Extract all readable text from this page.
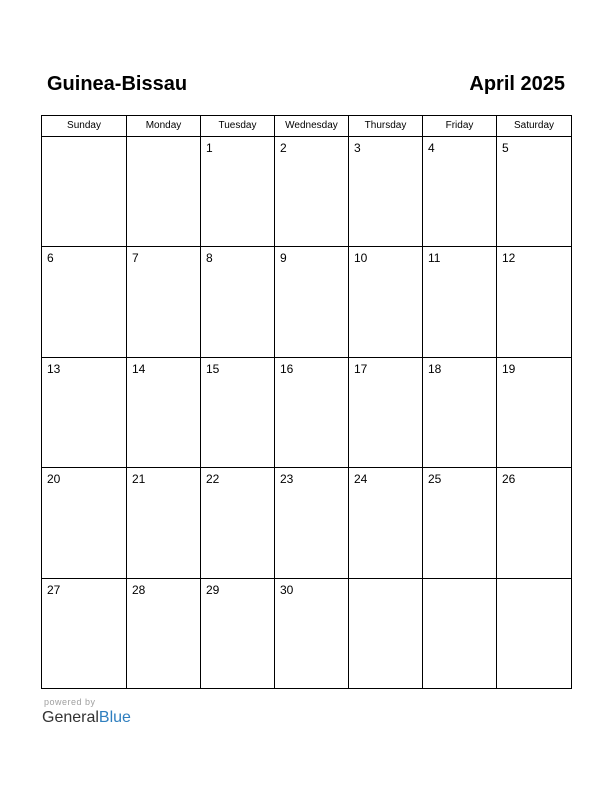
Guinea-Bissau	April 2025
Sunday	Monday	Tuesday	Wednesday	Thursday	Friday	Saturday

		1	2	3	4	5

6	7	8	9	10	11	12

13	14	15	16	17	18	19

20	21	22	23	24	25	26

27	28	29	30			

powered by
GeneralBlue
